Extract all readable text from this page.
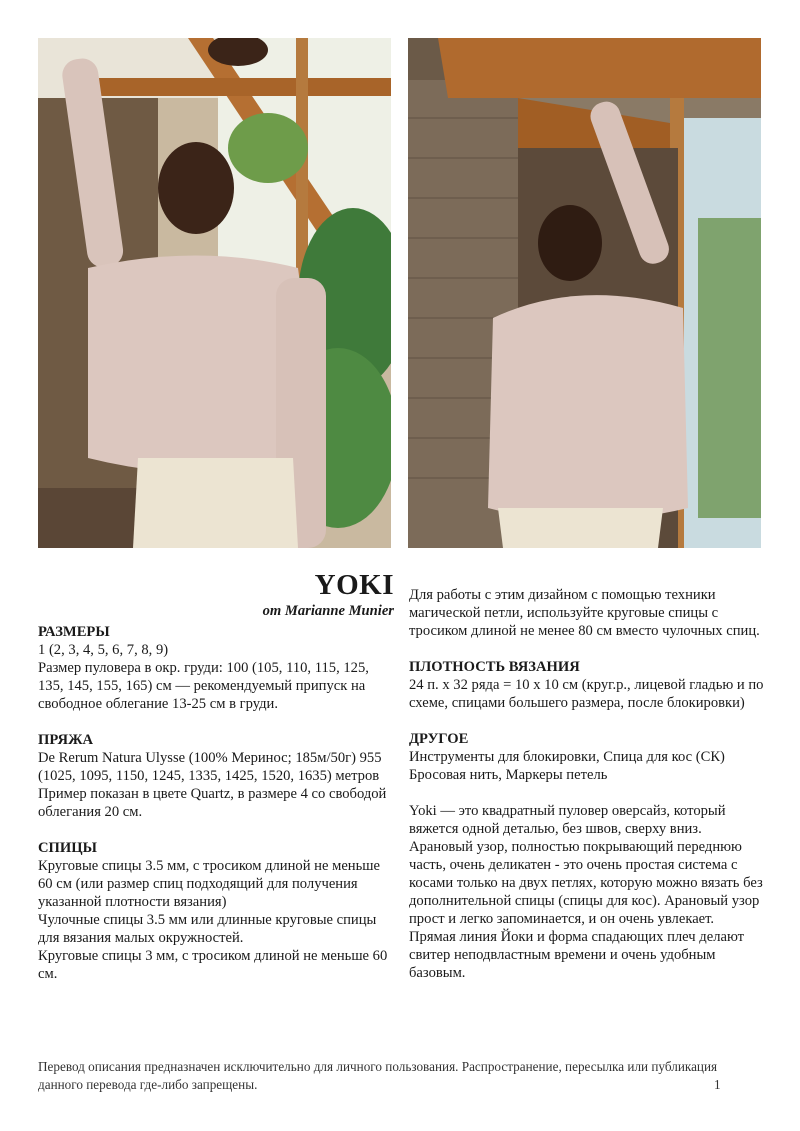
YOKI
от Marianne Munier
РАЗМЕРЫ
1 (2, 3, 4, 5, 6, 7, 8, 9)
Размер пуловера в окр. груди: 100 (105, 110, 115, 125, 135, 145, 155, 165) см — рекомендуемый припуск на свободное облегание 13-25 см в груди.
ПРЯЖА
De Rerum Natura Ulysse (100% Меринос; 185м/50г) 955 (1025, 1095, 1150, 1245, 1335, 1425, 1520, 1635) метров
Пример показан в цвете Quartz, в размере 4 со свободой облегания 20 см.
СПИЦЫ
Круговые спицы 3.5 мм, с тросиком длиной не меньше 60 см (или размер спиц подходящий для получения указанной плотности вязания)
Чулочные спицы 3.5 мм или длинные круговые спицы для вязания малых окружностей.
Круговые спицы 3 мм, с тросиком длиной не меньше 60 см.
Для работы с этим дизайном с помощью техники магической петли, используйте круговые спицы с тросиком длиной не менее 80 см вместо чулочных спиц.
ПЛОТНОСТЬ ВЯЗАНИЯ
24 п. х 32 ряда = 10 х 10 см (круг.р., лицевой гладью и по схеме, спицами большего размера, после блокировки)
ДРУГОЕ
Инструменты для блокировки, Спица для кос (СК) Бросовая нить, Маркеры петель
Yoki — это квадратный пуловер оверсайз, который вяжется одной деталью, без швов, сверху вниз. Арановый узор, полностью покрывающий переднюю часть, очень деликатен - это очень простая система с косами только на двух петлях, которую можно вязать без дополнительной спицы (спицы для кос). Арановый узор прост и легко запоминается, и он очень увлекает. Прямая линия Йоки и форма спадающих плеч делают свитер неподвластным времени и очень удобным базовым.
Перевод описания предназначен исключительно для личного пользования. Распространение, пересылка или публикация данного перевода где-либо запрещены.	1
